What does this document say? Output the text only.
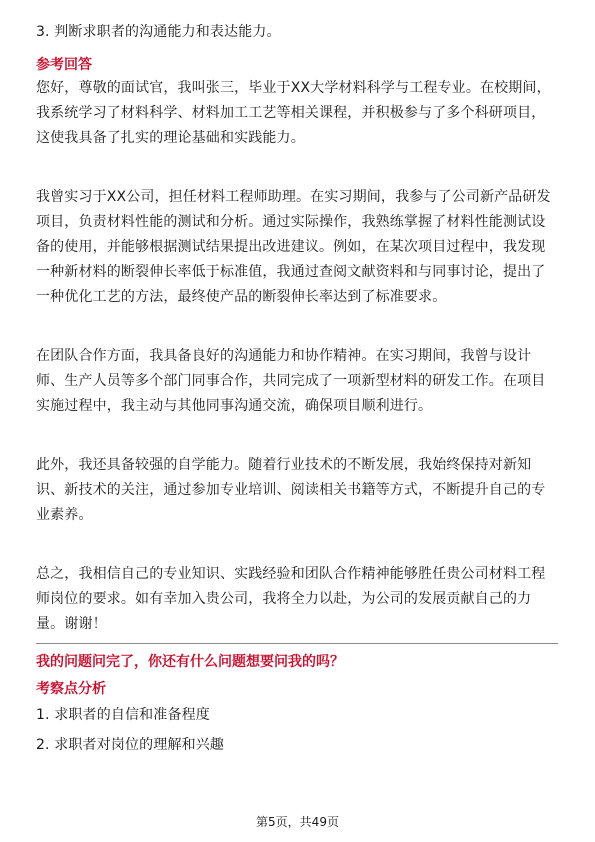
3. 判断求职者的沟通能力和表达能力。
参考回答
您好，尊敬的面试官，我叫张三，毕业于XX大学材料科学与工程专业。在校期间，
我系统学习了材料科学、材料加工工艺等相关课程，并积极参与了多个科研项目，
这使我具备了扎实的理论基础和实践能力。
我曾实习于XX公司，担任材料工程师助理。在实习期间，我参与了公司新产品研发
项目，负责材料性能的测试和分析。通过实际操作，我熟练掌握了材料性能测试设
备的使用，并能够根据测试结果提出改进建议。例如，在某次项目过程中，我发现
一种新材料的断裂伸长率低于标准值，我通过查阅文献资料和与同事讨论，提出了
一种优化工艺的方法，最终使产品的断裂伸长率达到了标准要求。
在团队合作方面，我具备良好的沟通能力和协作精神。在实习期间，我曾与设计
师、生产人员等多个部门同事合作，共同完成了一项新型材料的研发工作。在项目
实施过程中，我主动与其他同事沟通交流，确保项目顺利进行。
此外，我还具备较强的自学能力。随着行业技术的不断发展，我始终保持对新知
识、新技术的关注，通过参加专业培训、阅读相关书籍等方式，不断提升自己的专
业素养。
总之，我相信自己的专业知识、实践经验和团队合作精神能够胜任贵公司材料工程
师岗位的要求。如有幸加入贵公司，我将全力以赴，为公司的发展贡献自己的力
量。谢谢！
我的问题问完了，你还有什么问题想要问我的吗？
考察点分析
1. 求职者的自信和准备程度
2. 求职者对岗位的理解和兴趣
第5页，共49页
